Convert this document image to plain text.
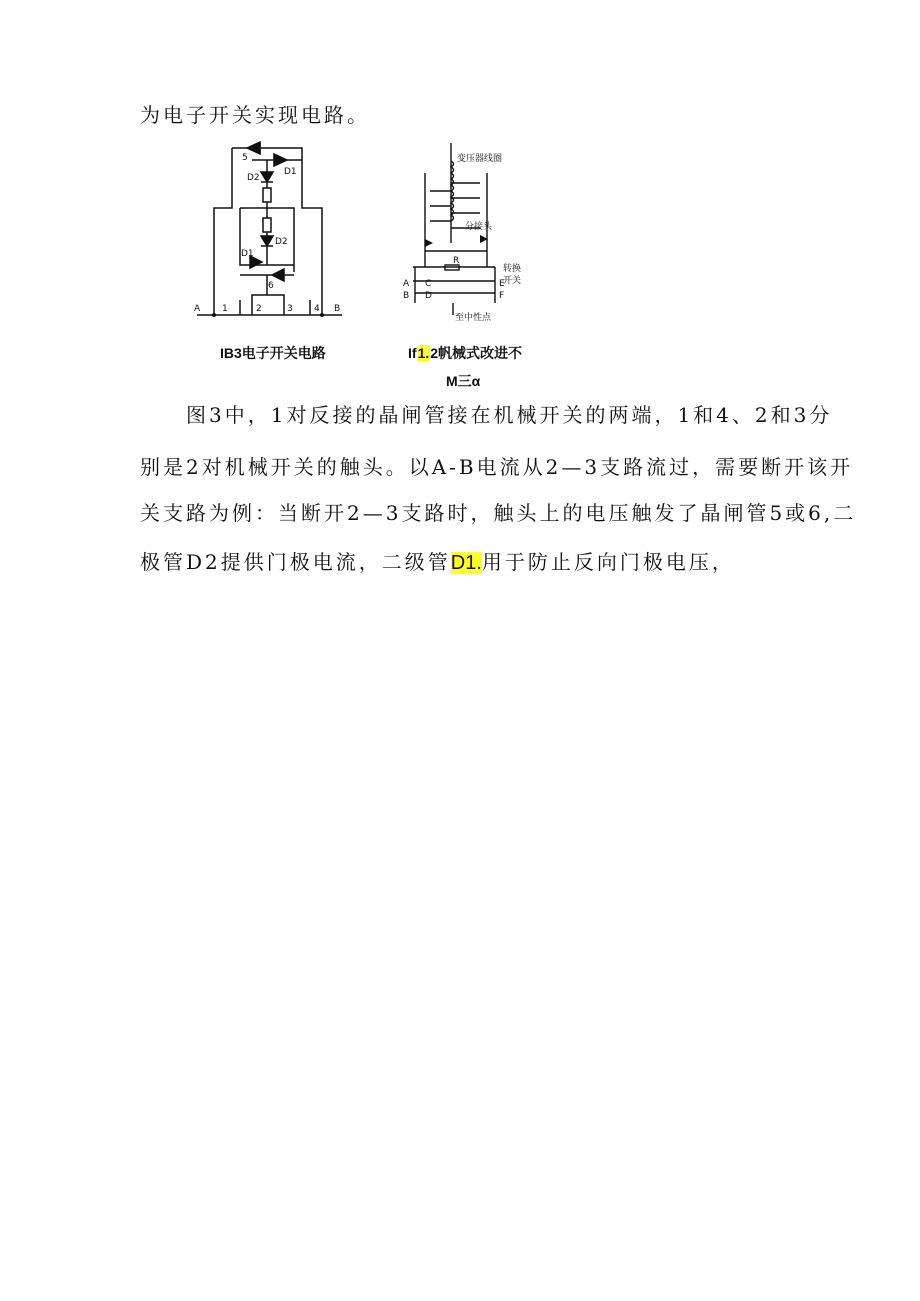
为电子开关实现电路。
5
D1
D2
D2
D1
6
A 1	2	3 4 B
IB3电子开关电路
变压器线圈
分接头
R
转换
开关
A
B
C
D
E
F
至中性点
If1.2帆械式改进不
M三α
图3中，1对反接的晶闸管接在机械开关的两端，1和4、2和3分
别是2对机械开关的触头。以A-B电流从2—3支路流过，需要断开该开
关支路为例：当断开2—3支路时，触头上的电压触发了晶闸管5或6,二
极管D2提供门极电流，二级管D1.用于防止反向门极电压，
